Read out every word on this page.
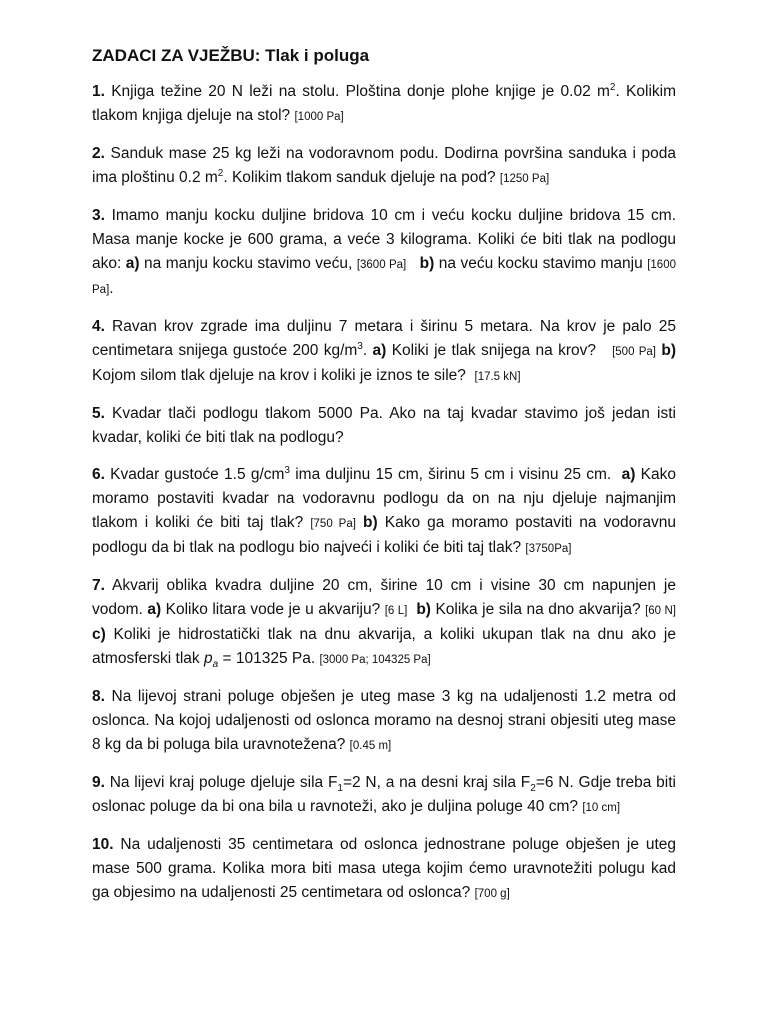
ZADACI ZA VJEŽBU: Tlak i poluga
1. Knjiga težine 20 N leži na stolu. Ploština donje plohe knjige je 0.02 $m^2$. Kolikim tlakom knjiga djeluje na stol? [1000 Pa]
2. Sanduk mase 25 kg leži na vodoravnom podu. Dodirna površina sanduka i poda ima ploštinu 0.2 $m^2$. Kolikim tlakom sanduk djeluje na pod? [1250 Pa]
3. Imamo manju kocku duljine bridova 10 cm i veću kocku duljine bridova 15 cm. Masa manje kocke je 600 grama, a veće 3 kilograma. Koliki će biti tlak na podlogu ako: a) na manju kocku stavimo veću, [3600 Pa] b) na veću kocku stavimo manju [1600 Pa].
4. Ravan krov zgrade ima duljinu 7 metara i širinu 5 metara. Na krov je palo 25 centimetara snijega gustoće 200 $kg/m^3$. a) Koliki je tlak snijega na krov?   [500 Pa] b) Kojom silom tlak djeluje na krov i koliki je iznos te sile?  [17.5 kN]
5. Kvadar tlači podlogu tlakom 5000 Pa. Ako na taj kvadar stavimo još jedan isti kvadar, koliki će biti tlak na podlogu?
6. Kvadar gustoće 1.5 $g/cm^3$ ima duljinu 15 cm, širinu 5 cm i visinu 25 cm.  a) Kako moramo postaviti kvadar na vodoravnu podlogu da on na nju djeluje najmanjim tlakom i koliki će biti taj tlak? [750 Pa] b) Kako ga moramo postaviti na vodoravnu podlogu da bi tlak na podlogu bio najveći i koliki će biti taj tlak? [3750Pa]
7. Akvarij oblika kvadra duljine 20 cm, širine 10 cm i visine 30 cm napunjen je vodom. a) Koliko litara vode je u akvariju? [6 L] b) Kolika je sila na dno akvarija? [60 N] c) Koliki je hidrostatički tlak na dnu akvarija, a koliki ukupan tlak na dnu ako je atmosferski tlak $p_a = 101325$ Pa. [3000 Pa; 104325 Pa]
8. Na lijevoj strani poluge obješen je uteg mase 3 kg na udaljenosti 1.2 metra od oslonca. Na kojoj udaljenosti od oslonca moramo na desnoj strani objesiti uteg mase 8 kg da bi poluga bila uravnotežena? [0.45 m]
9. Na lijevi kraj poluge djeluje sila $F_1=2$ N, a na desni kraj sila $F_2=6$ N. Gdje treba biti oslonac poluge da bi ona bila u ravnoteži, ako je duljina poluge 40 cm? [10 cm]
10. Na udaljenosti 35 centimetara od oslonca jednostrane poluge obješen je uteg mase 500 grama. Kolika mora biti masa utega kojim ćemo uravnotežiti polugu kad ga objesimo na udaljenosti 25 centimetara od oslonca? [700 g]
